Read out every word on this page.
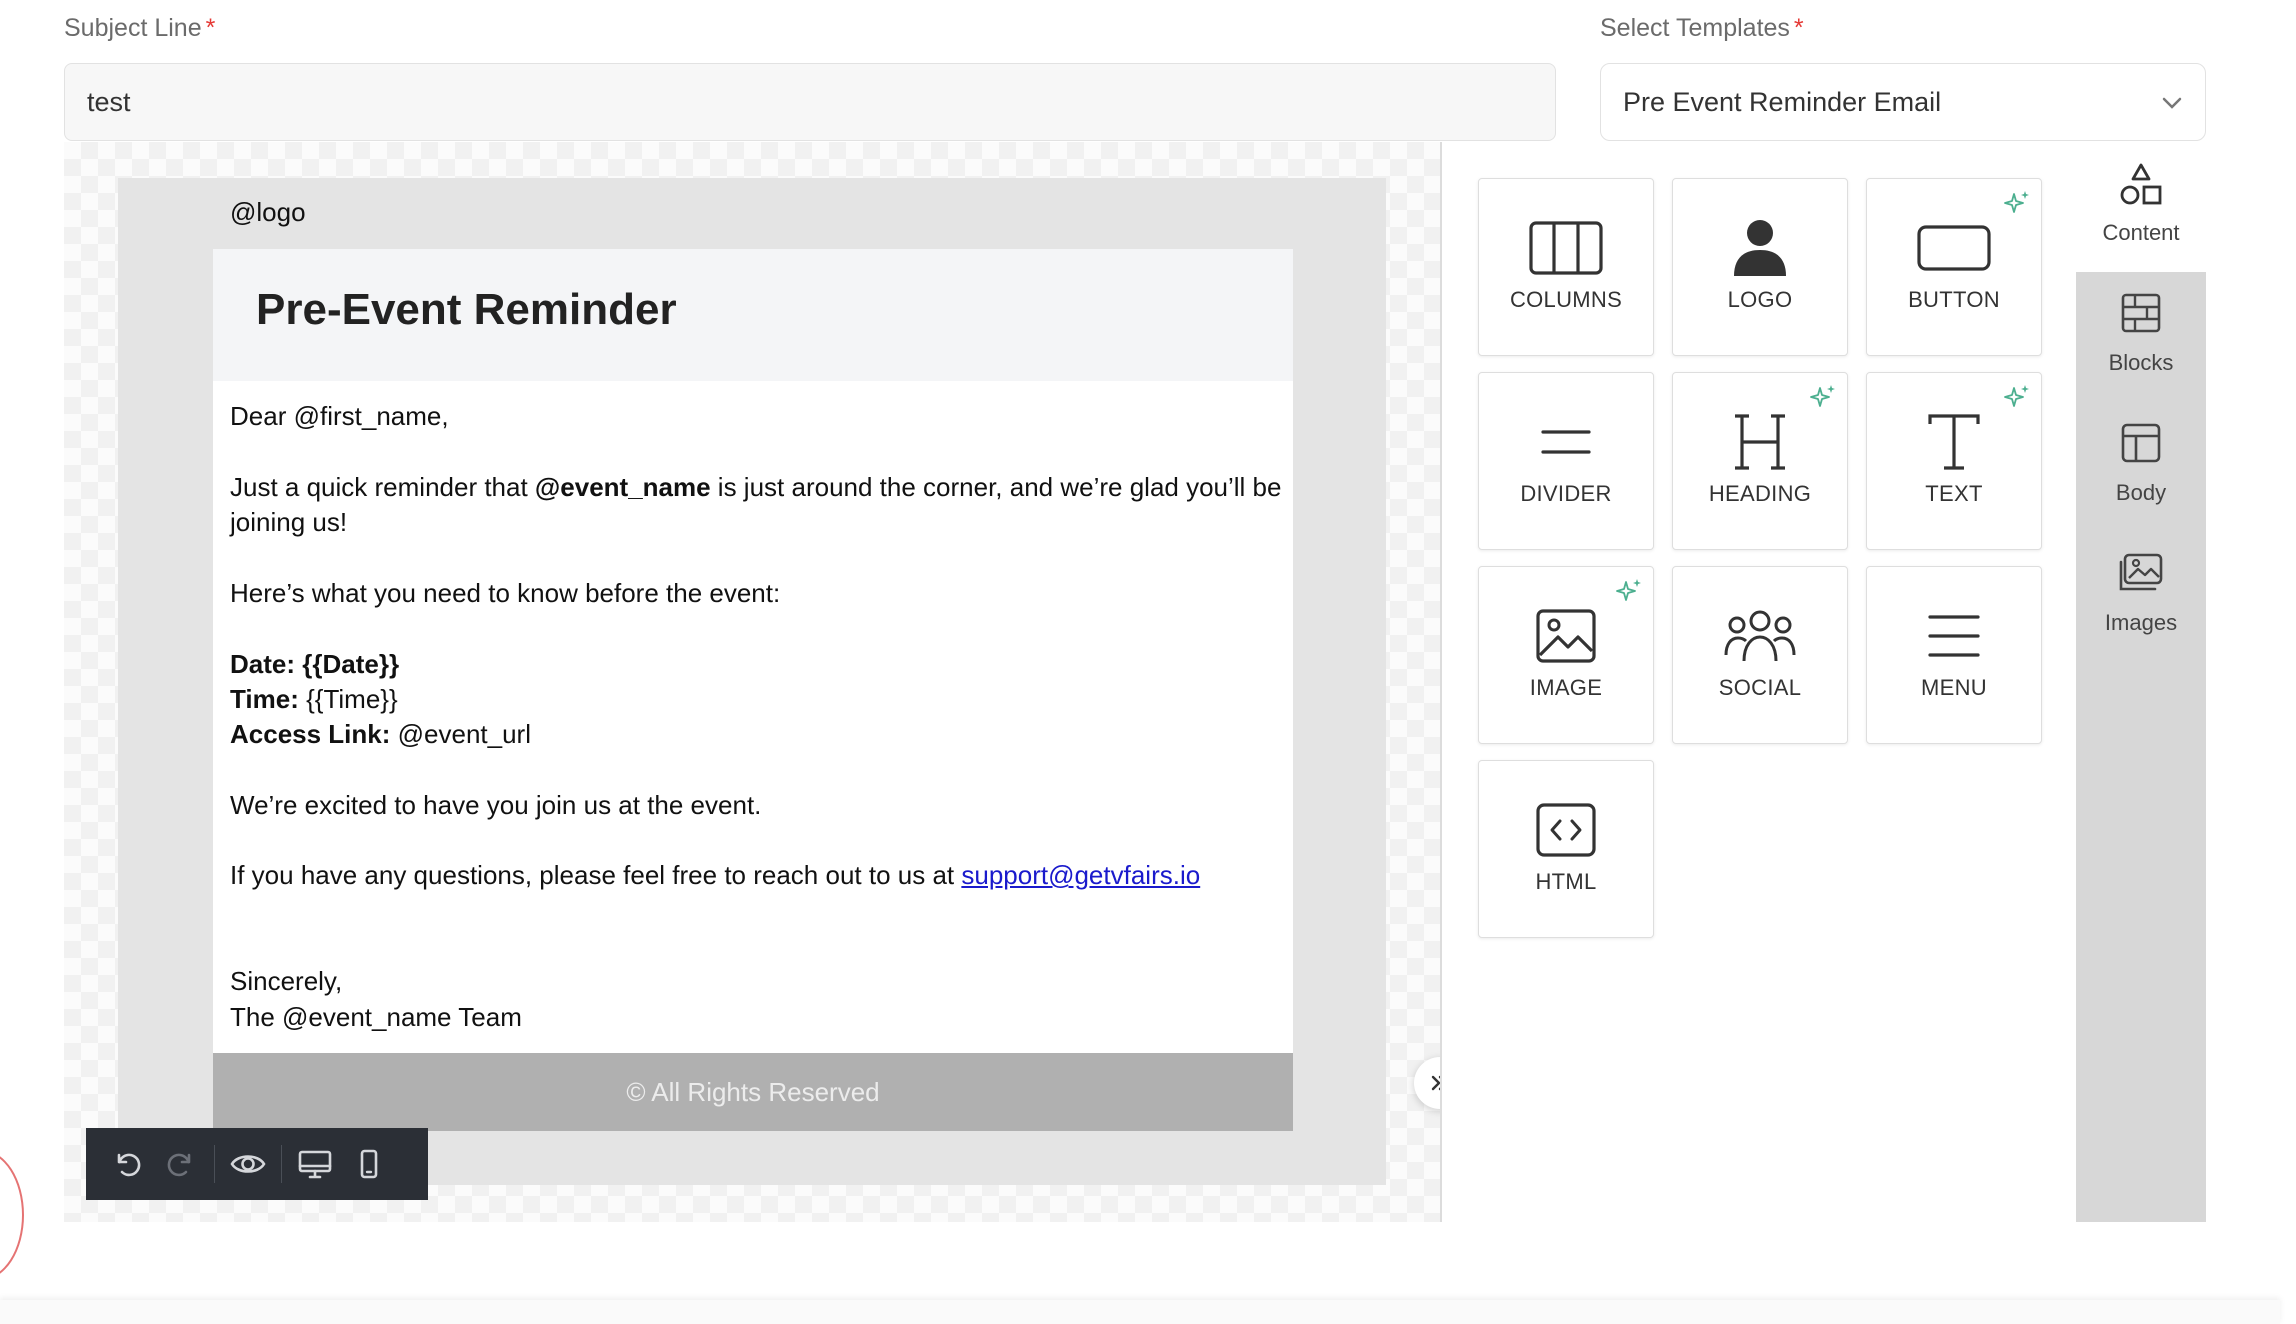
Subject Line *
test
Select Templates *
Pre Event Reminder Email
@logo
Pre-Event Reminder
Dear @first_name,
Just a quick reminder that @event_name is just around the corner, and we’re glad you’ll be
joining us!
Here’s what you need to know before the event:
Date: {{Date}}
Time: {{Time}}
Access Link: @event_url
We’re excited to have you join us at the event.
If you have any questions, please feel free to reach out to us at support@getvfairs.io
Sincerely,
The @event_name Team
© All Rights Reserved
COLUMNS	LOGO	BUTTON
DIVIDER	HEADING	TEXT
IMAGE	SOCIAL	MENU
HTML
Content
Blocks
Body
Images
